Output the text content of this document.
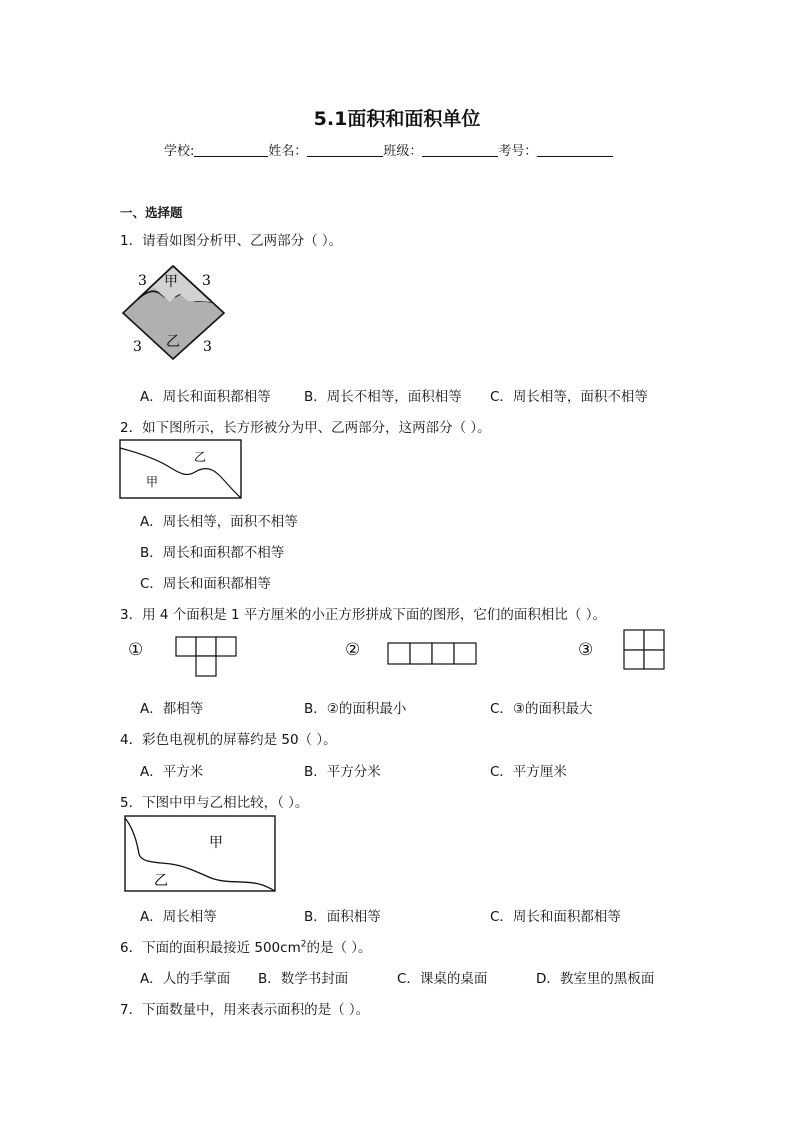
5.1面积和面积单位
学校:	姓名：	班级：	考号：
一、选择题
1．请看如图分析甲、乙两部分（ ）。
甲
乙
3	3
3	3
A．周长和面积都相等 B．周长不相等，面积相等 C．周长相等，面积不相等
2．如下图所示，长方形被分为甲、乙两部分，这两部分（ ）。
乙
甲
A．周长相等，面积不相等
B．周长和面积都不相等
C．周长和面积都相等
3．用 4 个面积是 1 平方厘米的小正方形拼成下面的图形，它们的面积相比（ ）。
①	②	③
A．都相等	B．②的面积最小	C．③的面积最大
4．彩色电视机的屏幕约是 50（ ）。
A．平方米	B．平方分米	C．平方厘米
5．下图中甲与乙相比较，（ ）。
甲
乙
A．周长相等	B．面积相等	C．周长和面积都相等
6．下面的面积最接近 $500cm^2$的是（ ）。
A．人的手掌面 B．数学书封面	C．课桌的桌面	D．教室里的黑板面
7．下面数量中，用来表示面积的是（ ）。
